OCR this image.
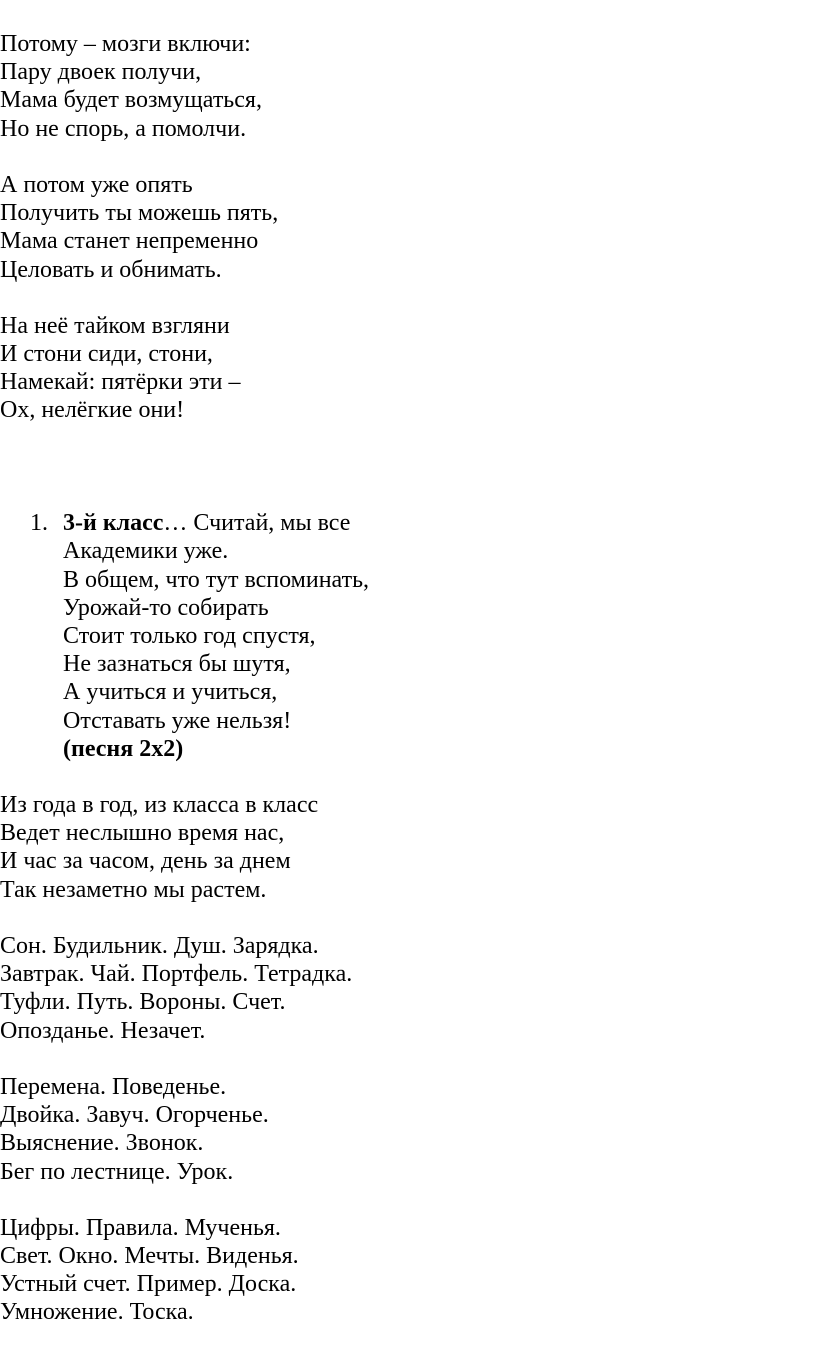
Потому – мозги включи:
Пару двоек получи,
Мама будет возмущаться,
Но не спорь, а помолчи.
А потом уже опять
Получить ты можешь пять,
Мама станет непременно
Целовать и обнимать.
На неё тайком взгляни
И стони сиди, стони,
Намекай: пятёрки эти –
Ох, нелёгкие они!
1. 3-й класс… Считай, мы все
Академики уже.
В общем, что тут вспоминать,
Урожай-то собирать
Стоит только год спустя,
Не зазнаться бы шутя,
А учиться и учиться,
Отставать уже нельзя!
(песня 2х2)
Из года в год, из класса в класс
Ведет неслышно время нас,
И час за часом, день за днем
Так незаметно мы растем.
Сон. Будильник. Душ. Зарядка.
Завтрак. Чай. Портфель. Тетрадка.
Туфли. Путь. Вороны. Счет.
Опозданье. Незачет.
Перемена. Поведенье.
Двойка. Завуч. Огорченье.
Выяснение. Звонок.
Бег по лестнице. Урок.
Цифры. Правила. Мученья.
Свет. Окно. Мечты. Виденья.
Устный счет. Пример. Доска.
Умножение. Тоска.
